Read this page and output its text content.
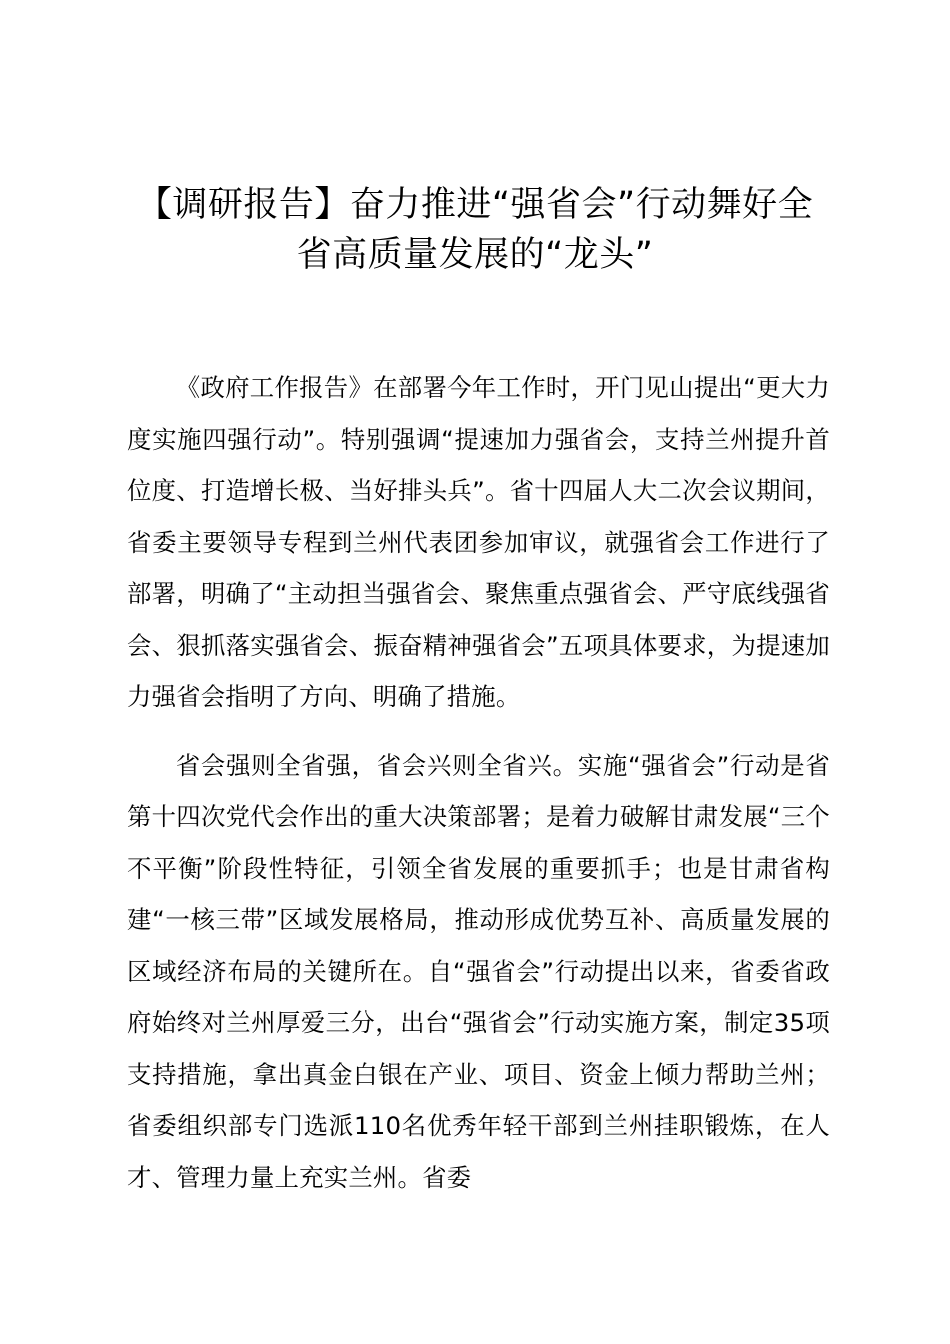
【调研报告】奋力推进“强省会”行动舞好全
省高质量发展的“龙头”

《政府工作报告》在部署今年工作时，开门见山提出“更大力度实施四强行动”。特别强调“提速加力强省会，支持兰州提升首位度、打造增长极、当好排头兵”。省十四届人大二次会议期间，省委主要领导专程到兰州代表团参加审议，就强省会工作进行了部署，明确了“主动担当强省会、聚焦重点强省会、严守底线强省会、狠抓落实强省会、振奋精神强省会”五项具体要求，为提速加力强省会指明了方向、明确了措施。

省会强则全省强，省会兴则全省兴。实施“强省会”行动是省第十四次党代会作出的重大决策部署；是着力破解甘肃发展“三个不平衡”阶段性特征，引领全省发展的重要抓手；也是甘肃省构建“一核三带”区域发展格局，推动形成优势互补、高质量发展的区域经济布局的关键所在。自“强省会”行动提出以来，省委省政府始终对兰州厚爱三分，出台“强省会”行动实施方案，制定35项支持措施，拿出真金白银在产业、项目、资金上倾力帮助兰州；省委组织部专门选派110名优秀年轻干部到兰州挂职锻炼，在人才、管理力量上充实兰州。省委
